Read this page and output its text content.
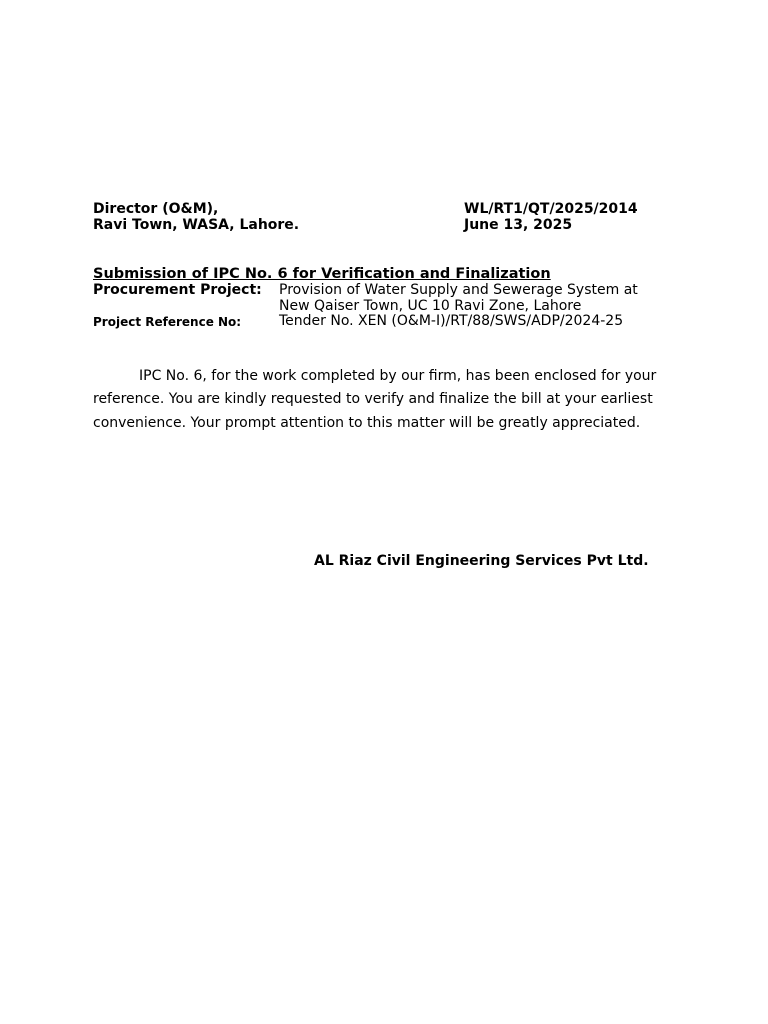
Director (O&M),
Ravi Town, WASA, Lahore.
WL/RT1/QT/2025/2014
June 13, 2025
Submission of IPC No. 6 for Verification and Finalization
Procurement Project: Provision of Water Supply and Sewerage System at
New Qaiser Town, UC 10 Ravi Zone, Lahore
Project Reference No:	Tender No. XEN (O&M-I)/RT/88/SWS/ADP/2024-25
IPC No. 6, for the work completed by our firm, has been enclosed for your
reference. You are kindly requested to verify and finalize the bill at your earliest
convenience. Your prompt attention to this matter will be greatly appreciated.
AL Riaz Civil Engineering Services Pvt Ltd.
